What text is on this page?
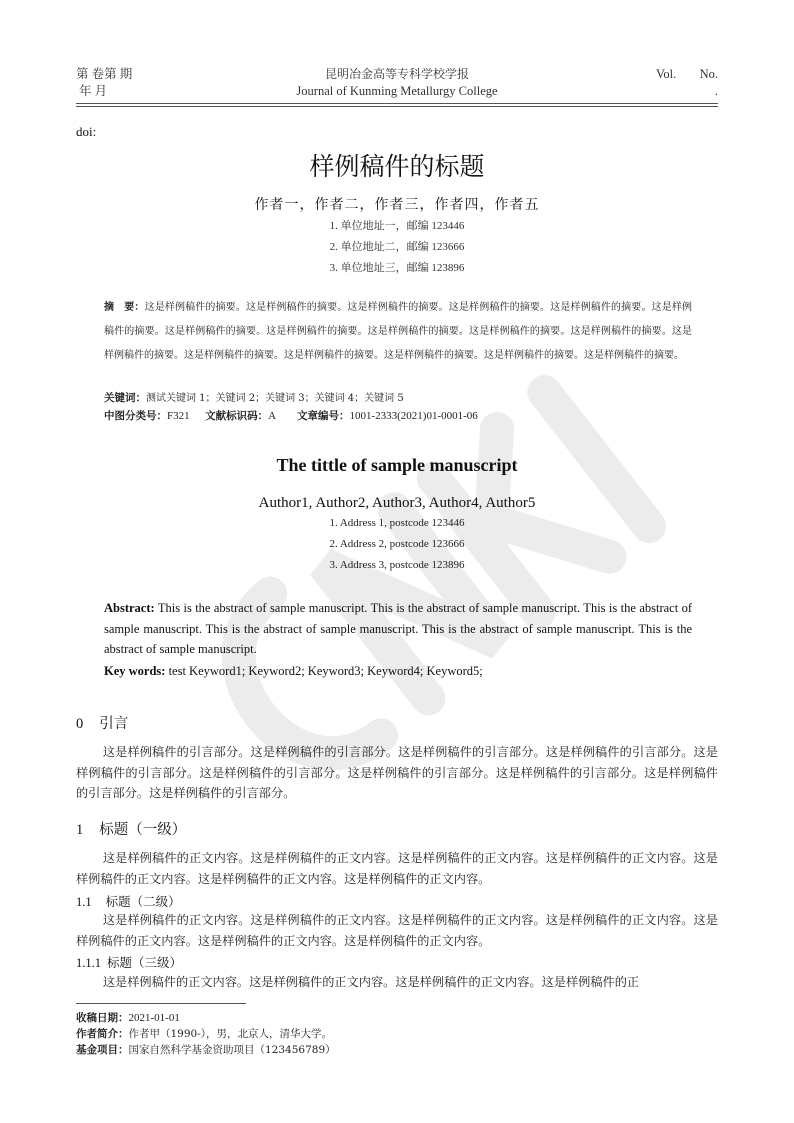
第 卷第 期
年 月
昆明冶金高等专科学校学报
Journal of Kunming Metallurgy College
Vol. No.
.
doi:
样例稿件的标题
作者一，作者二，作者三，作者四，作者五
1. 单位地址一，邮编 123446
2. 单位地址二，邮编 123666
3. 单位地址三，邮编 123896
摘　要：这是样例稿件的摘要。这是样例稿件的摘要。这是样例稿件的摘要。这是样例稿件的摘要。这是样例稿件的摘要。这是样例稿件的摘要。这是样例稿件的摘要。这是样例稿件的摘要。这是样例稿件的摘要。这是样例稿件的摘要。这是样例稿件的摘要。这是样例稿件的摘要。这是样例稿件的摘要。这是样例稿件的摘要。这是样例稿件的摘要。这是样例稿件的摘要。这是样例稿件的摘要。
关键词：测试关键词 1；关键词 2；关键词 3；关键词 4；关键词 5
中图分类号：F321 文献标识码：A 文章编号：1001-2333(2021)01-0001-06
The tittle of sample manuscript
Author1, Author2, Author3, Author4, Author5
1. Address 1, postcode 123446
2. Address 2, postcode 123666
3. Address 3, postcode 123896
Abstract: This is the abstract of sample manuscript. This is the abstract of sample manuscript. This is the abstract of sample manuscript. This is the abstract of sample manuscript. This is the abstract of sample manuscript. This is the abstract of sample manuscript.
Key words: test Keyword1; Keyword2; Keyword3; Keyword4; Keyword5;
0 引言
这是样例稿件的引言部分。这是样例稿件的引言部分。这是样例稿件的引言部分。这是样例稿件的引言部分。这是样例稿件的引言部分。这是样例稿件的引言部分。这是样例稿件的引言部分。这是样例稿件的引言部分。这是样例稿件的引言部分。这是样例稿件的引言部分。
1 标题（一级）
这是样例稿件的正文内容。这是样例稿件的正文内容。这是样例稿件的正文内容。这是样例稿件的正文内容。这是样例稿件的正文内容。这是样例稿件的正文内容。这是样例稿件的正文内容。
1.1 标题（二级）
这是样例稿件的正文内容。这是样例稿件的正文内容。这是样例稿件的正文内容。这是样例稿件的正文内容。这是样例稿件的正文内容。这是样例稿件的正文内容。这是样例稿件的正文内容。
1.1.1 标题（三级）
这是样例稿件的正文内容。这是样例稿件的正文内容。这是样例稿件的正文内容。这是样例稿件的正
收稿日期：2021-01-01
作者简介：作者甲（1990-），男，北京人，清华大学。
基金项目：国家自然科学基金资助项目（123456789）
